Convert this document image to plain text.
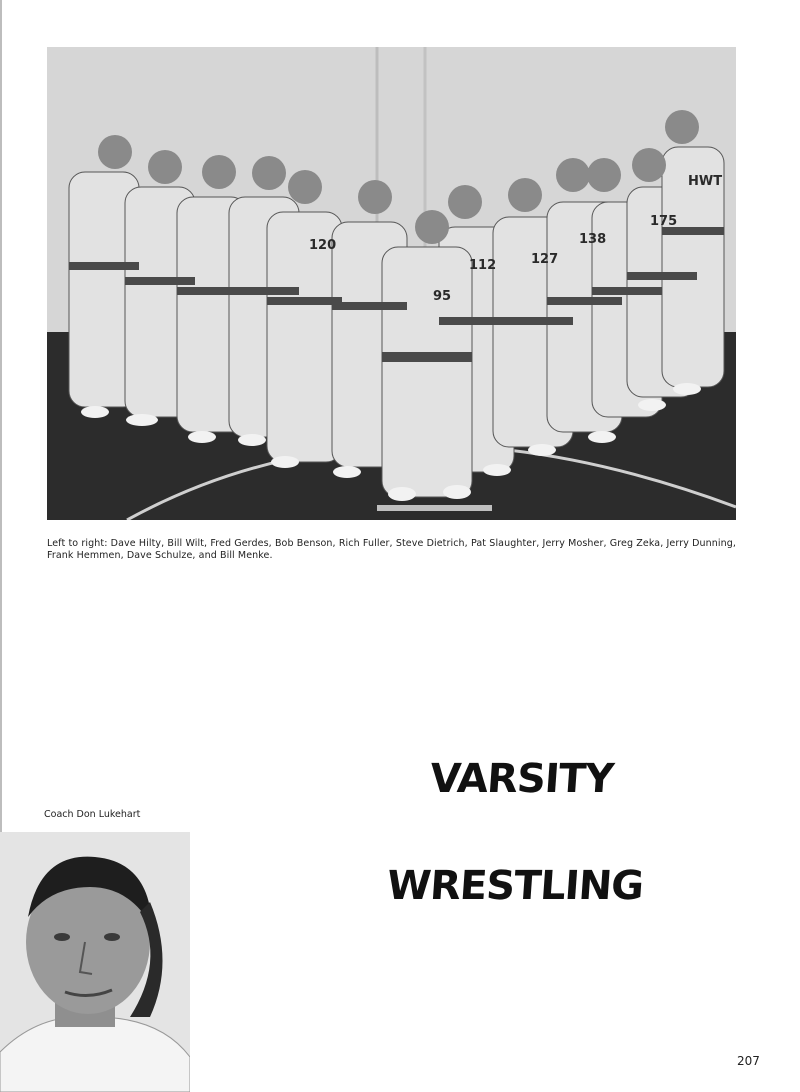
95
112
120
127
138
175
HWT
Left to right: Dave Hilty, Bill Wilt, Fred Gerdes, Bob Benson, Rich Fuller, Steve Dietrich, Pat Slaughter, Jerry Mosher, Greg Zeka, Jerry Dunning, Frank Hemmen, Dave Schulze, and Bill Menke.
Coach Don Lukehart
VARSITY
WRESTLING
207
